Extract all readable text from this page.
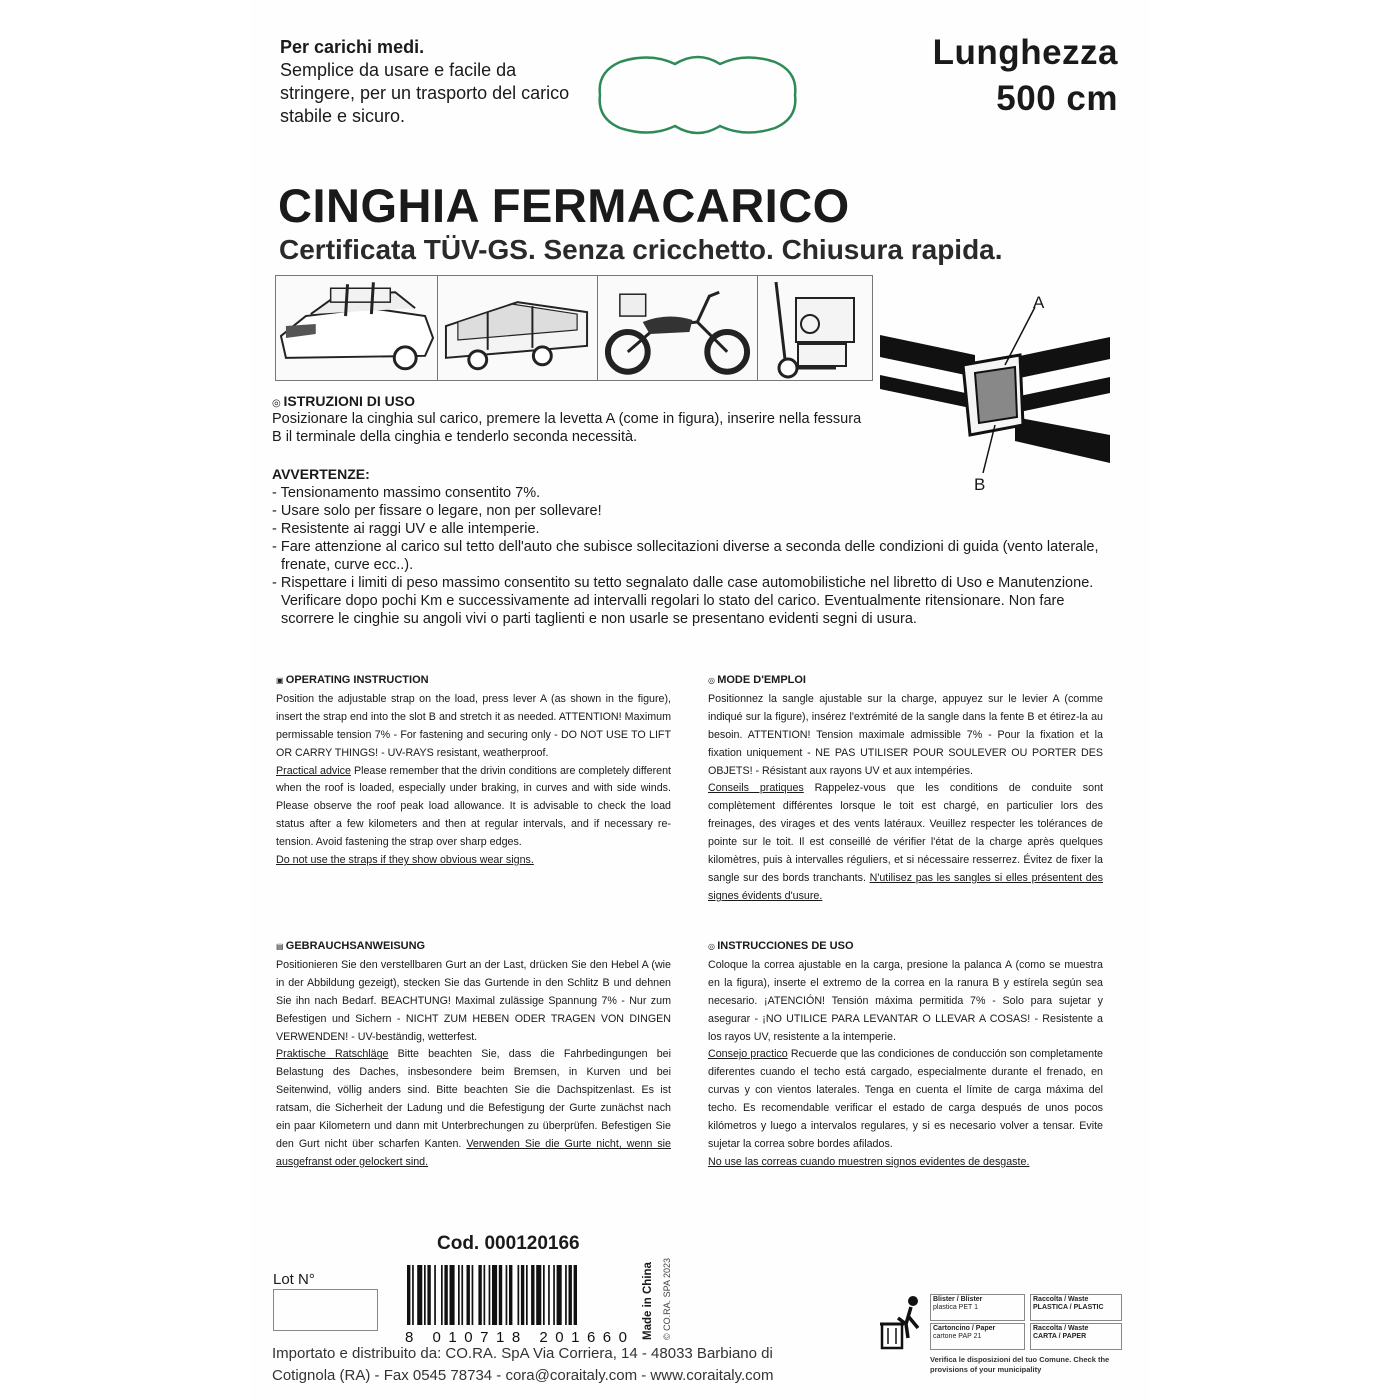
Per carichi medi.
Semplice da usare e facile da stringere, per un trasporto del carico stabile e sicuro.
Lunghezza
500 cm
CINGHIA FERMACARICO
Certificata TÜV-GS. Senza cricchetto. Chiusura rapida.
A
B
◎ ISTRUZIONI DI USO
Posizionare la cinghia sul carico, premere la levetta A (come in figura), inserire nella fessura B il terminale della cinghia e tenderlo seconda necessità.
AVVERTENZE:
- Tensionamento massimo consentito 7%.
- Usare solo per fissare o legare, non per sollevare!
- Resistente ai raggi UV e alle intemperie.
- Fare attenzione al carico sul tetto dell'auto che subisce sollecitazioni diverse a seconda delle condizioni di guida (vento laterale, frenate, curve ecc..).
- Rispettare i limiti di peso massimo consentito su tetto segnalato dalle case automobilistiche nel libretto di Uso e Manutenzione. Verificare dopo pochi Km e successivamente ad intervalli regolari lo stato del carico. Eventualmente ritensionare. Non fare scorrere le cinghie su angoli vivi o parti taglienti e non usarle se presentano evidenti segni di usura.
▣ OPERATING INSTRUCTION
Position the adjustable strap on the load, press lever A (as shown in the figure), insert the strap end into the slot B and stretch it as needed. ATTENTION! Maximum permissable tension 7% - For fastening and securing only - DO NOT USE TO LIFT OR CARRY THINGS! - UV-RAYS resistant, weatherproof.
Practical advice Please remember that the drivin conditions are completely different when the roof is loaded, especially under braking, in curves and with side winds. Please observe the roof peak load allowance. It is advisable to check the load status after a few kilometers and then at regular intervals, and if necessary re-tension. Avoid fastening the strap over sharp edges.
Do not use the straps if they show obvious wear signs.
◎ MODE D'EMPLOI
Positionnez la sangle ajustable sur la charge, appuyez sur le levier A (comme indiqué sur la figure), insérez l'extrémité de la sangle dans la fente B et étirez-la au besoin. ATTENTION! Tension maximale admissible 7% - Pour la fixation et la fixation uniquement - NE PAS UTILISER POUR SOULEVER OU PORTER DES OBJETS! - Résistant aux rayons UV et aux intempéries.
Conseils pratiques Rappelez-vous que les conditions de conduite sont complètement différentes lorsque le toit est chargé, en particulier lors des freinages, des virages et des vents latéraux. Veuillez respecter les tolérances de pointe sur le toit. Il est conseillé de vérifier l'état de la charge après quelques kilomètres, puis à intervalles réguliers, et si nécessaire resserrez. Évitez de fixer la sangle sur des bords tranchants. N'utilisez pas les sangles si elles présentent des signes évidents d'usure.
▤ GEBRAUCHSANWEISUNG
Positionieren Sie den verstellbaren Gurt an der Last, drücken Sie den Hebel A (wie in der Abbildung gezeigt), stecken Sie das Gurtende in den Schlitz B und dehnen Sie ihn nach Bedarf. BEACHTUNG! Maximal zulässige Spannung 7% - Nur zum Befestigen und Sichern - NICHT ZUM HEBEN ODER TRAGEN VON DINGEN VERWENDEN! - UV-beständig, wetterfest.
Praktische Ratschläge Bitte beachten Sie, dass die Fahrbedingungen bei Belastung des Daches, insbesondere beim Bremsen, in Kurven und bei Seitenwind, völlig anders sind. Bitte beachten Sie die Dachspitzenlast. Es ist ratsam, die Sicherheit der Ladung und die Befestigung der Gurte zunächst nach ein paar Kilometern und dann mit Unterbrechungen zu überprüfen. Befestigen Sie den Gurt nicht über scharfen Kanten. Verwenden Sie die Gurte nicht, wenn sie ausgefranst oder gelockert sind.
◎ INSTRUCCIONES DE USO
Coloque la correa ajustable en la carga, presione la palanca A (como se muestra en la figura), inserte el extremo de la correa en la ranura B y estírela según sea necesario. ¡ATENCIÓN! Tensión máxima permitida 7% - Solo para sujetar y asegurar - ¡NO UTILICE PARA LEVANTAR O LLEVAR A COSAS! - Resistente a los rayos UV, resistente a la intemperie.
Consejo practico Recuerde que las condiciones de conducción son completamente diferentes cuando el techo está cargado, especialmente durante el frenado, en curvas y con vientos laterales. Tenga en cuenta el límite de carga máxima del techo. Es recomendable verificar el estado de carga después de unos pocos kilómetros y luego a intervalos regulares, y si es necesario volver a tensar. Evite sujetar la correa sobre bordes afilados.
No use las correas cuando muestren signos evidentes de desgaste.
Cod. 000120166
Lot N°
8 010718 201660 Made in China © CO.RA. SPA 2023
Importato e distribuito da: CO.RA. SpA Via Corriera, 14 - 48033 Barbiano di Cotignola (RA) - Fax 0545 78734 - cora@coraitaly.com - www.coraitaly.com
Blister / Blister
plastica PET 1
Raccolta / Waste
PLASTICA / PLASTIC
Cartoncino / Paper
cartone PAP 21
Raccolta / Waste
CARTA / PAPER
Verifica le disposizioni del tuo Comune. Check the provisions of your municipality
